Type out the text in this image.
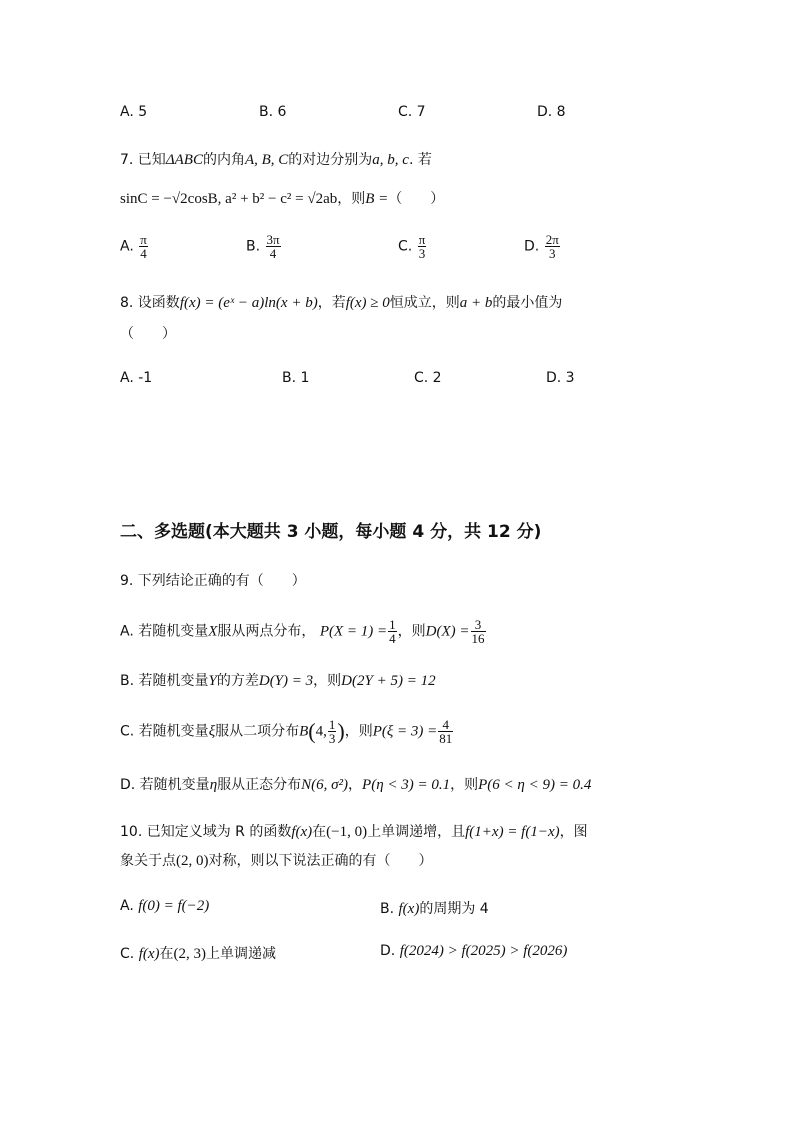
A. 5	B. 6	C. 7	D. 8
7. 已知ΔABC的内角A, B, C的对边分别为a, b, c. 若
sinC = −√2cosB, a² + b² − c² = √2ab，则B =（　　）
A. $\frac{\pi}{4}$	B. $\frac{3\pi}{4}$	C. $\frac{\pi}{3}$	D. $\frac{2\pi}{3}$
8. 设函数f(x) = (eˣ − a)ln(x + b)，若f(x) ≥ 0恒成立，则a + b的最小值为
（　　）
A. -1	B. 1	C. 2	D. 3
二、多选题(本大题共 3 小题，每小题 4 分，共 12 分)
9. 下列结论正确的有（　　）
A. 若随机变量X服从两点分布， $P(X = 1) = \frac{1}{4}$ ，则$D(X) = \frac{3}{16}$
B. 若随机变量Y的方差D(Y) = 3，则D(2Y + 5) = 12
C. 若随机变量ξ服从二项分布B(4, $\frac{1}{3}$ )，则$P(\xi = 3) = \frac{4}{81}$
D. 若随机变量η服从正态分布N(6, σ²)，P(η < 3) = 0.1，则P(6 < η < 9) = 0.4
10. 已知定义域为 R 的函数f(x)在(−1, 0)上单调递增，且f(1+x) = f(1−x)，图
象关于点(2, 0)对称，则以下说法正确的有（　　）
A. f(0) = f(−2)	B. f(x)的周期为 4
C. f(x)在(2, 3)上单调递减	D. f(2024) > f(2025) > f(2026)
